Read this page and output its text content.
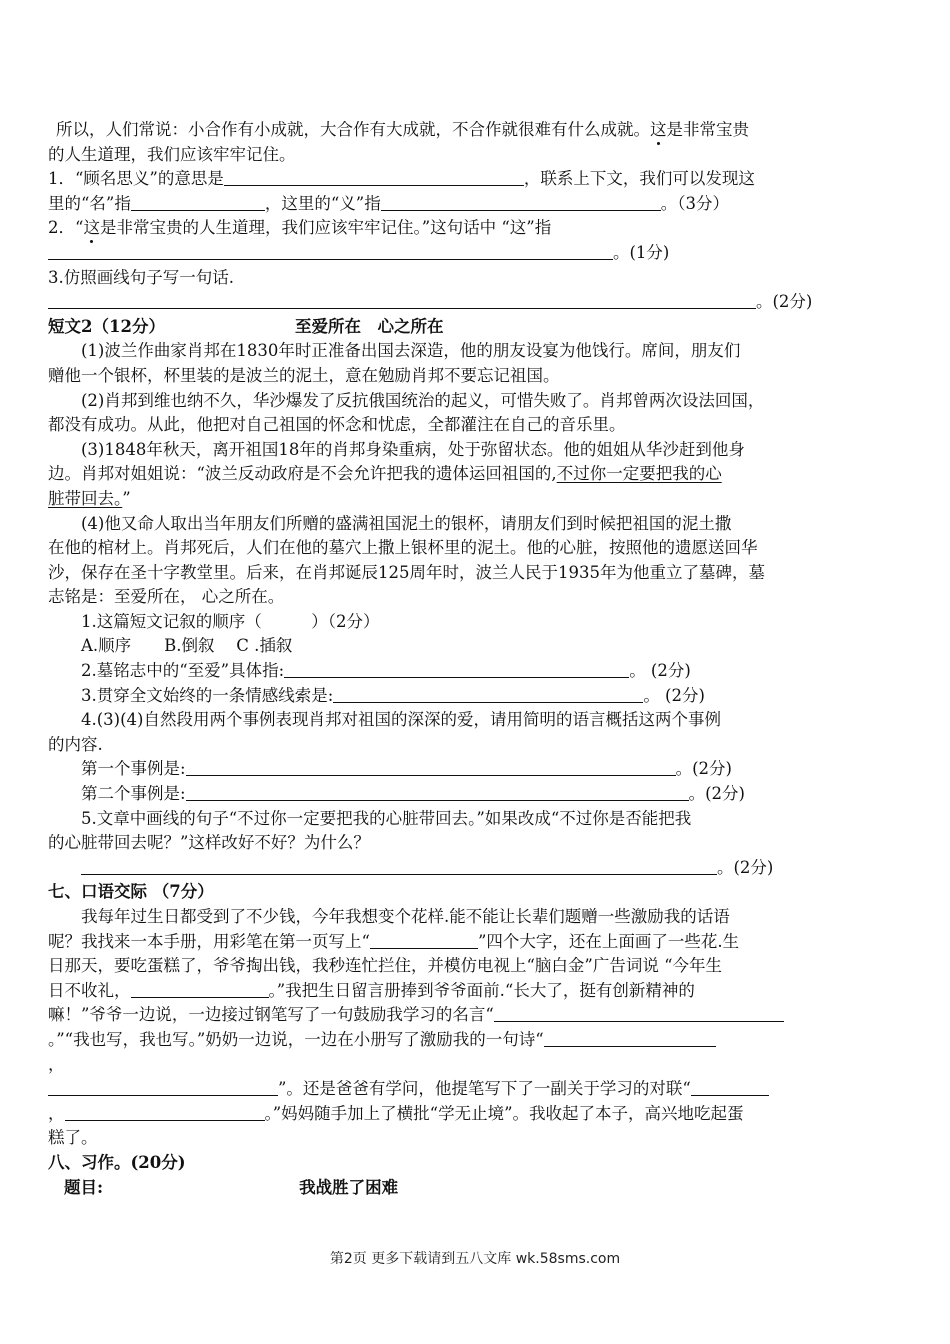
所以，人们常说：小合作有小成就，大合作有大成就，不合作就很难有什么成就。这是非常宝贵
的人生道理，我们应该牢牢记住。
1．“顾名思义”的意思是	，联系上下文，我们可以发现这
里的“名”指	，这里的“义”指	。（3分）
2．“这是非常宝贵的人生道理，我们应该牢牢记住。”这句话中 “这”指
。(1分)
3.仿照画线句子写一句话.
。(2分)
短文2（12分）	至爱所在　心之所在
(1)波兰作曲家肖邦在1830年时正准备出国去深造，他的朋友设宴为他饯行。席间，朋友们
赠他一个银杯，杯里装的是波兰的泥土，意在勉励肖邦不要忘记祖国。
(2)肖邦到维也纳不久，华沙爆发了反抗俄国统治的起义，可惜失败了。肖邦曾两次设法回国，
都没有成功。从此，他把对自己祖国的怀念和忧虑，全都灌注在自己的音乐里。
(3)1848年秋天，离开祖国18年的肖邦身染重病，处于弥留状态。他的姐姐从华沙赶到他身
边。肖邦对姐姐说：“波兰反动政府是不会允许把我的遗体运回祖国的,不过你一定要把我的心
脏带回去。”
(4)他又命人取出当年朋友们所赠的盛满祖国泥土的银杯，请朋友们到时候把祖国的泥土撒
在他的棺材上。肖邦死后，人们在他的墓穴上撒上银杯里的泥土。他的心脏，按照他的遗愿送回华
沙，保存在圣十字教堂里。后来，在肖邦诞辰125周年时，波兰人民于1935年为他重立了墓碑，墓
志铭是：至爱所在， 心之所在。
1.这篇短文记叙的顺序（　　　）（2分）
A.顺序　　B.倒叙　 C .插叙
2.墓铭志中的“至爱”具体指:	。 (2分)
3.贯穿全文始终的一条情感线索是:	。 (2分)
4.(3)(4)自然段用两个事例表现肖邦对祖国的深深的爱，请用简明的语言概括这两个事例
的内容.
第一个事例是:	。(2分)
第二个事例是:	。(2分)
5.文章中画线的句子“不过你一定要把我的心脏带回去。”如果改成“不过你是否能把我
的心脏带回去呢？”这样改好不好？为什么？
。(2分)
七、口语交际 （7分）
我每年过生日都受到了不少钱，今年我想变个花样.能不能让长辈们题赠一些激励我的话语
呢？我找来一本手册，用彩笔在第一页写上“	”四个大字，还在上面画了一些花.生
日那天，要吃蛋糕了，爷爷掏出钱，我秒连忙拦住，并模仿电视上“脑白金”广告词说 “今年生
日不收礼，	。”我把生日留言册捧到爷爷面前.“长大了，挺有创新精神的
嘛！”爷爷一边说，一边接过钢笔写了一句鼓励我学习的名言“
。”“我也写，我也写。”奶奶一边说，一边在小册写了激励我的一句诗“
，
”。还是爸爸有学问，他提笔写下了一副关于学习的对联“
，	。”妈妈随手加上了横批“学无止境”。我收起了本子，高兴地吃起蛋
糕了。
八、习作。(20分)
题目:	我战胜了困难
第2页 更多下载请到五八文库 wk.58sms.com
